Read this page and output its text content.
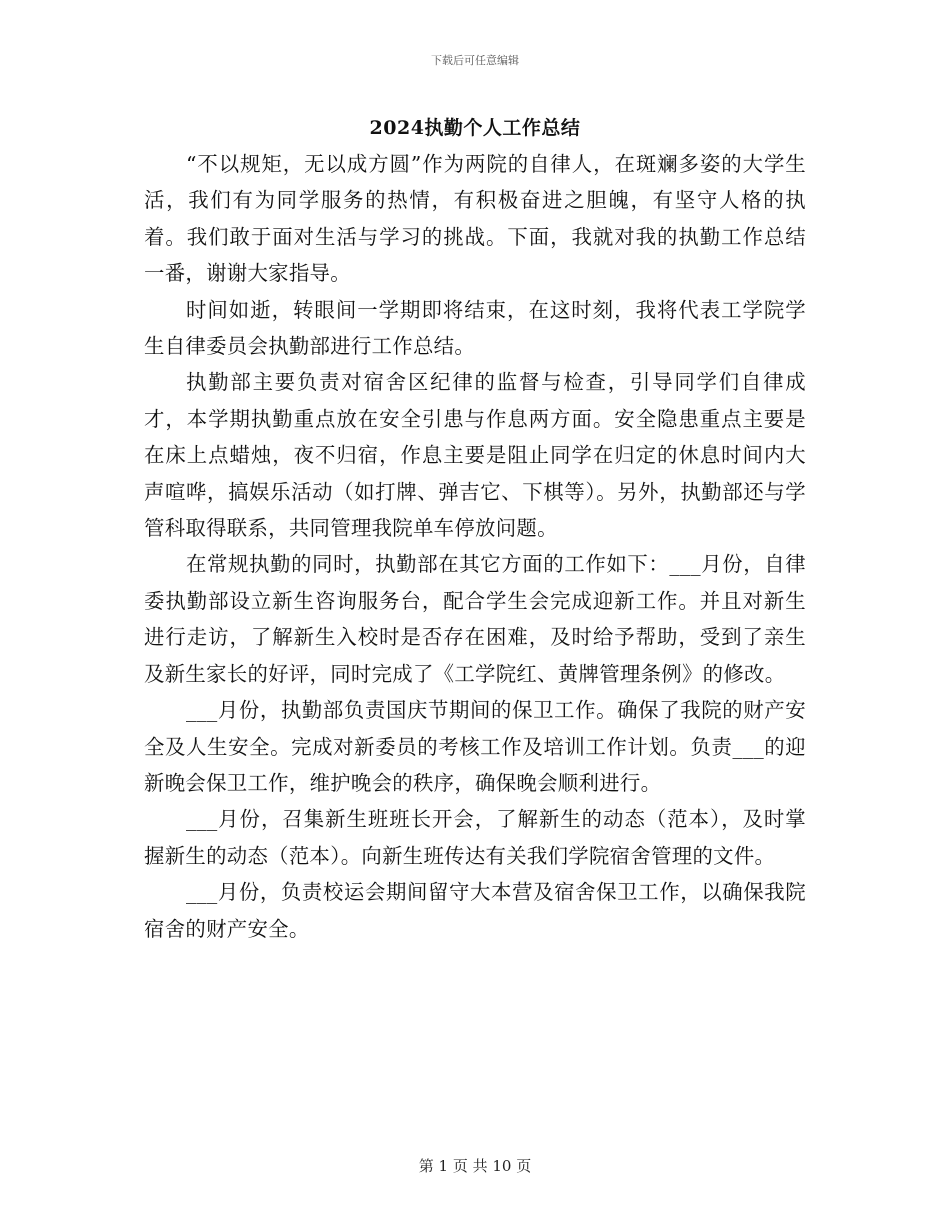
下载后可任意编辑
2024执勤个人工作总结

“不以规矩，无以成方圆”作为两院的自律人，在斑斓多姿的大学生活，我们有为同学服务的热情，有积极奋进之胆魄，有坚守人格的执着。我们敢于面对生活与学习的挑战。下面，我就对我的执勤工作总结一番，谢谢大家指导。

时间如逝，转眼间一学期即将结束，在这时刻，我将代表工学院学生自律委员会执勤部进行工作总结。

执勤部主要负责对宿舍区纪律的监督与检查，引导同学们自律成才，本学期执勤重点放在安全引患与作息两方面。安全隐患重点主要是在床上点蜡烛，夜不归宿，作息主要是阻止同学在归定的休息时间内大声喧哗，搞娱乐活动（如打牌、弹吉它、下棋等）。另外，执勤部还与学管科取得联系，共同管理我院单车停放问题。

在常规执勤的同时，执勤部在其它方面的工作如下：___月份，自律委执勤部设立新生咨询服务台，配合学生会完成迎新工作。并且对新生进行走访，了解新生入校时是否存在困难，及时给予帮助，受到了亲生及新生家长的好评，同时完成了《工学院红、黄牌管理条例》的修改。

___月份，执勤部负责国庆节期间的保卫工作。确保了我院的财产安全及人生安全。完成对新委员的考核工作及培训工作计划。负责___的迎新晚会保卫工作，维护晚会的秩序，确保晚会顺利进行。

___月份，召集新生班班长开会，了解新生的动态（范本），及时掌握新生的动态（范本）。向新生班传达有关我们学院宿舍管理的文件。

___月份，负责校运会期间留守大本营及宿舍保卫工作，以确保我院宿舍的财产安全。

第 1 页 共 10 页
